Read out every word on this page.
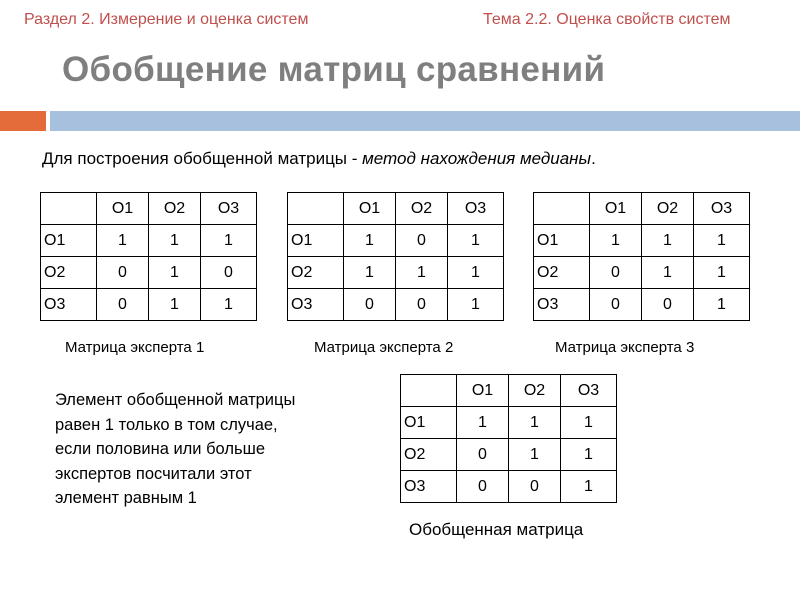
Раздел 2. Измерение и оценка систем	Тема 2.2. Оценка свойств систем
Обобщение матриц сравнений
Для построения обобщенной матрицы - метод нахождения медианы.
	О1	О2	О3
О1	1	1	1
О2	0	1	0
О3	0	1	1
	О1	О2	О3
О1	1	0	1
О2	1	1	1
О3	0	0	1
	О1	О2	О3
О1	1	1	1
О2	0	1	1
О3	0	0	1
Матрица эксперта 1	Матрица эксперта 2	Матрица эксперта 3
Элемент обобщенной матрицы
равен 1 только в том случае,
если половина или больше
экспертов посчитали этот
элемент равным 1
	О1	О2	О3
О1	1	1	1
О2	0	1	1
О3	0	0	1
Обобщенная матрица
